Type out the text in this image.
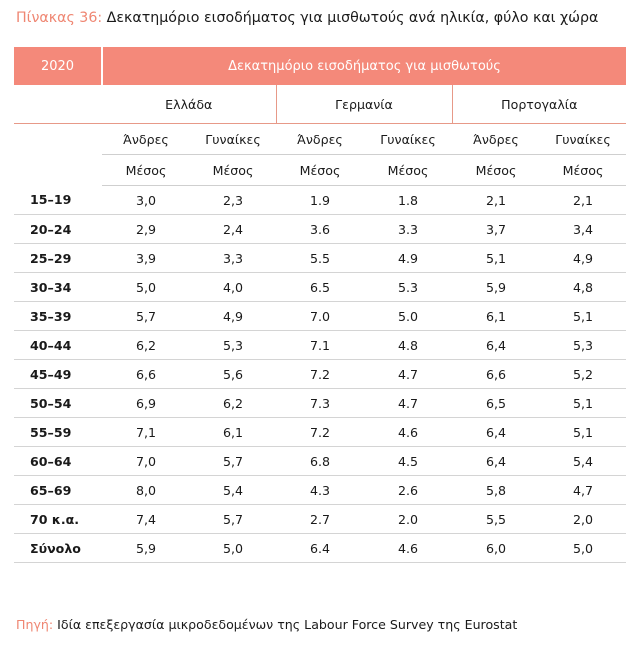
Πίνακας 36: Δεκατημόριο εισοδήματος για μισθωτούς ανά ηλικία, φύλο και χώρα
2020	Δεκατημόριο εισοδήματος για μισθωτούς					
	Ελλάδα		Γερμανία		Πορτογαλία	
	Άνδρες	Γυναίκες	Άνδρες	Γυναίκες	Άνδρες	Γυναίκες
	Μέσος	Μέσος	Μέσος	Μέσος	Μέσος	Μέσος
15–19	3,0	2,3	1.9	1.8	2,1	2,1
20–24	2,9	2,4	3.6	3.3	3,7	3,4
25–29	3,9	3,3	5.5	4.9	5,1	4,9
30–34	5,0	4,0	6.5	5.3	5,9	4,8
35–39	5,7	4,9	7.0	5.0	6,1	5,1
40–44	6,2	5,3	7.1	4.8	6,4	5,3
45–49	6,6	5,6	7.2	4.7	6,6	5,2
50–54	6,9	6,2	7.3	4.7	6,5	5,1
55–59	7,1	6,1	7.2	4.6	6,4	5,1
60–64	7,0	5,7	6.8	4.5	6,4	5,4
65–69	8,0	5,4	4.3	2.6	5,8	4,7
70 κ.α.	7,4	5,7	2.7	2.0	5,5	2,0
Σύνολο	5,9	5,0	6.4	4.6	6,0	5,0
Πηγή: Ιδία επεξεργασία μικροδεδομένων της Labour Force Survey της Eurostat
